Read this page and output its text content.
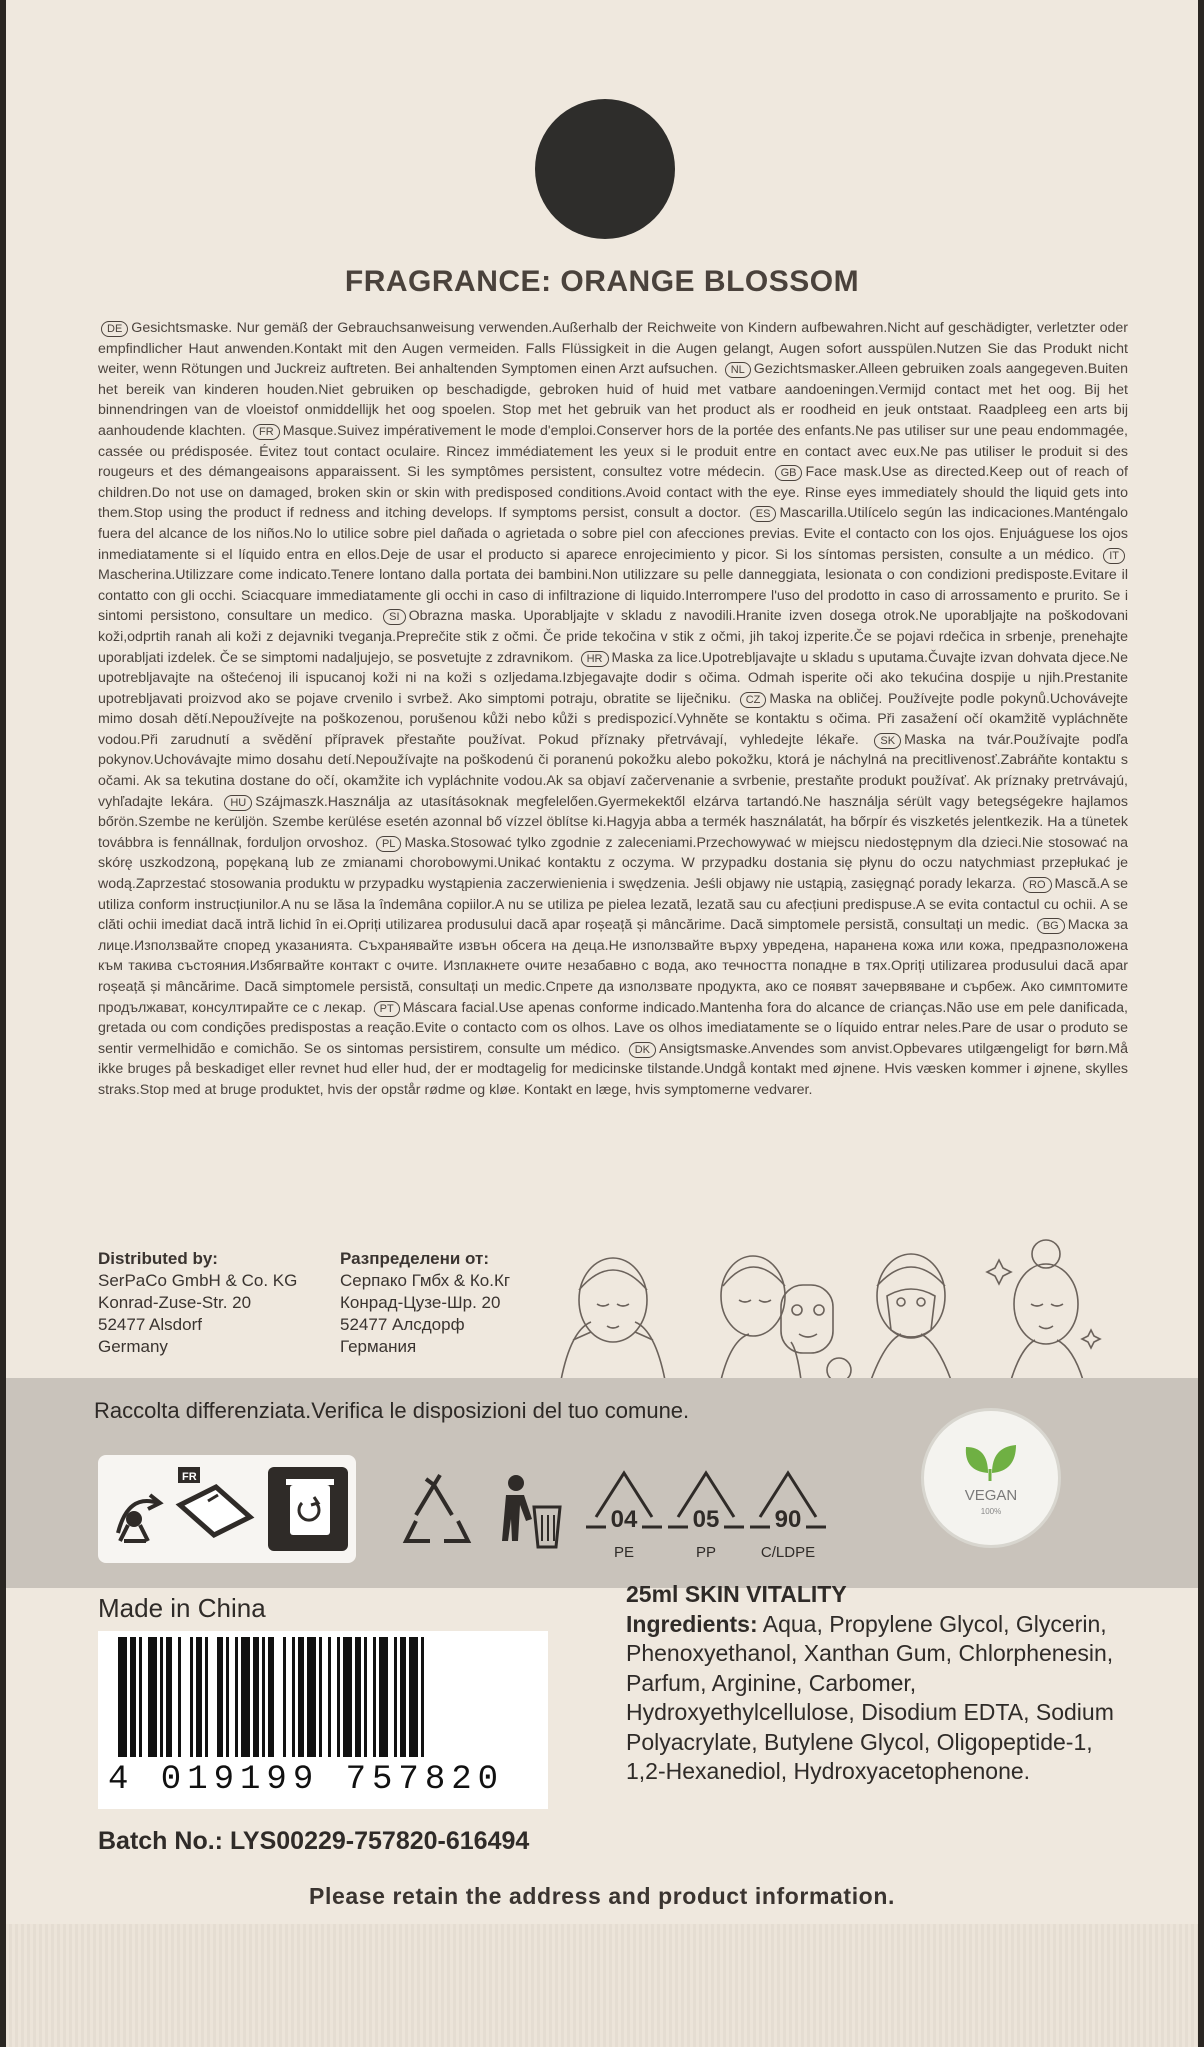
FRAGRANCE: ORANGE BLOSSOM
DE Gesichtsmaske. Nur gemäß der Gebrauchsanweisung verwenden.Außerhalb der Reichweite von Kindern aufbewahren.Nicht auf geschädigter, verletzter oder empfindlicher Haut anwenden.Kontakt mit den Augen vermeiden. Falls Flüssigkeit in die Augen gelangt, Augen sofort ausspülen.Nutzen Sie das Produkt nicht weiter, wenn Rötungen und Juckreiz auftreten. Bei anhaltenden Symptomen einen Arzt aufsuchen. NL Gezichtsmasker.Alleen gebruiken zoals aangegeven.Buiten het bereik van kinderen houden.Niet gebruiken op beschadigde, gebroken huid of huid met vatbare aandoeningen.Vermijd contact met het oog. Bij het binnendringen van de vloeistof onmiddellijk het oog spoelen. Stop met het gebruik van het product als er roodheid en jeuk ontstaat. Raadpleeg een arts bij aanhoudende klachten. FR Masque.Suivez impérativement le mode d'emploi.Conserver hors de la portée des enfants.Ne pas utiliser sur une peau endommagée, cassée ou prédisposée. Évitez tout contact oculaire. Rincez immédiatement les yeux si le produit entre en contact avec eux.Ne pas utiliser le produit si des rougeurs et des démangeaisons apparaissent. Si les symptômes persistent, consultez votre médecin. GB Face mask.Use as directed.Keep out of reach of children.Do not use on damaged, broken skin or skin with predisposed conditions.Avoid contact with the eye. Rinse eyes immediately should the liquid gets into them.Stop using the product if redness and itching develops. If symptoms persist, consult a doctor. ES Mascarilla.Utilícelo según las indicaciones.Manténgalo fuera del alcance de los niños.No lo utilice sobre piel dañada o agrietada o sobre piel con afecciones previas. Evite el contacto con los ojos. Enjuáguese los ojos inmediatamente si el líquido entra en ellos.Deje de usar el producto si aparece enrojecimiento y picor. Si los síntomas persisten, consulte a un médico. IT

Mascherina.Utilizzare come indicato.Tenere lontano dalla portata dei bambini.Non utilizzare su pelle danneggiata, lesionata o con condizioni predisposte.Evitare il contatto con gli occhi. Sciacquare immediatamente gli occhi in caso di infiltrazione di liquido.Interrompere l'uso del prodotto in caso di arrossamento e prurito. Se i sintomi persistono, consultare un medico. SI Obrazna maska. Uporabljajte v skladu z navodili.Hranite izven dosega otrok.Ne uporabljajte na poškodovani koži,odprtih ranah ali koži z dejavniki tveganja.Preprečite stik z očmi. Če pride tekočina v stik z očmi, jih takoj izperite.Če se pojavi rdečica in srbenje, prenehajte uporabljati izdelek. Če se simptomi nadaljujejo, se posvetujte z zdravnikom. HR Maska za lice.Upotrebljavajte u skladu s uputama.Čuvajte izvan dohvata djece.Ne upotrebljavajte na oštećenoj ili ispucanoj koži ni na koži s ozljedama.Izbjegavajte dodir s očima. Odmah isperite oči ako tekućina dospije u njih.Prestanite upotrebljavati proizvod ako se pojave crvenilo i svrbež. Ako simptomi potraju, obratite se liječniku. CZ Maska na obličej. Používejte podle pokynů.Uchovávejte mimo dosah dětí.Nepoužívejte na poškozenou, porušenou kůži nebo kůži s predispozicí.Vyhněte se kontaktu s očima. Při zasažení očí okamžitě vypláchněte vodou.Při zarudnutí a svědění přípravek přestaňte používat. Pokud příznaky přetrvávají, vyhledejte lékaře. SK Maska na tvár.Používajte podľa pokynov.Uchovávajte mimo dosahu detí.Nepoužívajte na poškodenú či poranenú pokožku alebo pokožku, ktorá je náchylná na precitlivenosť.Zabráňte kontaktu s očami. Ak sa tekutina dostane do očí, okamžite ich vypláchnite vodou.Ak sa objaví začervenanie a svrbenie, prestaňte produkt používať. Ak príznaky pretrvávajú, vyhľadajte lekára. HU Szájmaszk.Használja az utasításoknak megfelelően.Gyermekektől elzárva tartandó.Ne használja sérült vagy betegségekre hajlamos bőrön.Szembe ne kerüljön. Szembe kerülése esetén azonnal bő vízzel öblítse ki.Hagyja abba a termék használatát, ha bőrpír és viszketés jelentkezik. Ha a tünetek továbbra is fennállnak, forduljon orvoshoz. PL Maska.Stosować tylko zgodnie z zaleceniami.Przechowywać w miejscu niedostępnym dla dzieci.Nie stosować na skórę uszkodzoną, popękaną lub ze zmianami chorobowymi.Unikać kontaktu z oczyma. W przypadku dostania się płynu do oczu natychmiast przepłukać je wodą.Zaprzestać stosowania produktu w przypadku wystąpienia zaczerwienienia i swędzenia. Jeśli objawy nie ustąpią, zasięgnąć porady lekarza. RO Mască.A se utiliza conform instrucțiunilor.A nu se lăsa la îndemâna copiilor.A nu se utiliza pe pielea lezată, lezată sau cu afecțiuni predispuse.A se evita contactul cu ochii. A se clăti ochii imediat dacă intră lichid în ei.Opriți utilizarea produsului dacă apar roșeață și mâncărime. Dacă simptomele persistă, consultați un medic. BG Маска за лице.Използвайте според указанията. Съхранявайте извън обсега на деца.Не използвайте върху увредена, наранена кожа или кожа, предразположена към такива състояния.Избягвайте контакт с очите. Изплакнете очите незабавно с вода, ако течността попадне в тях.Opriți utilizarea produsului dacă apar roșeață și mâncărime. Dacă simptomele persistă, consultați un medic.Спрете да използвате продукта, ако се появят зачервяване и сърбеж. Ако симптомите продължават, консултирайте се с лекар. PT Máscara facial.Use apenas conforme indicado.Mantenha fora do alcance de crianças.Não use em pele danificada, gretada ou com condições predispostas a reação.Evite o contacto com os olhos. Lave os olhos imediatamente se o líquido entrar neles.Pare de usar o produto se sentir vermelhidão e comichão. Se os sintomas persistirem, consulte um médico. DK Ansigtsmaske.Anvendes som anvist.Opbevares utilgængeligt for børn.Må ikke bruges på beskadiget eller revnet hud eller hud, der er modtagelig for medicinske tilstande.Undgå kontakt med øjnene. Hvis væsken kommer i øjnene, skylles straks.Stop med at bruge produktet, hvis der opstår rødme og kløe. Kontakt en læge, hvis symptomerne vedvarer.

Distributed by:
SerPaCo GmbH & Co. KG
Konrad-Zuse-Str. 20
52477 Alsdorf
Germany
Разпределени от:
Серпако Гмбх & Ко.Кг
Конрад-Цузе-Шр. 20
52477 Алсдорф
Германия
Raccolta differenziata.Verifica le disposizioni del tuo comune.
FR
04
PE
05
PP
90
C/LDPE
VEGAN
100%
Made in China
4 019199 757820
Batch No.: LYS00229-757820-616494
25ml SKIN VITALITY
Ingredients: Aqua, Propylene Glycol, Glycerin, Phenoxyethanol, Xanthan Gum, Chlorphenesin, Parfum, Arginine, Carbomer, Hydroxyethylcellulose, Disodium EDTA, Sodium Polyacrylate, Butylene Glycol, Oligopeptide-1, 1,2-Hexanediol, Hydroxyacetophenone.
Please retain the address and product information.
